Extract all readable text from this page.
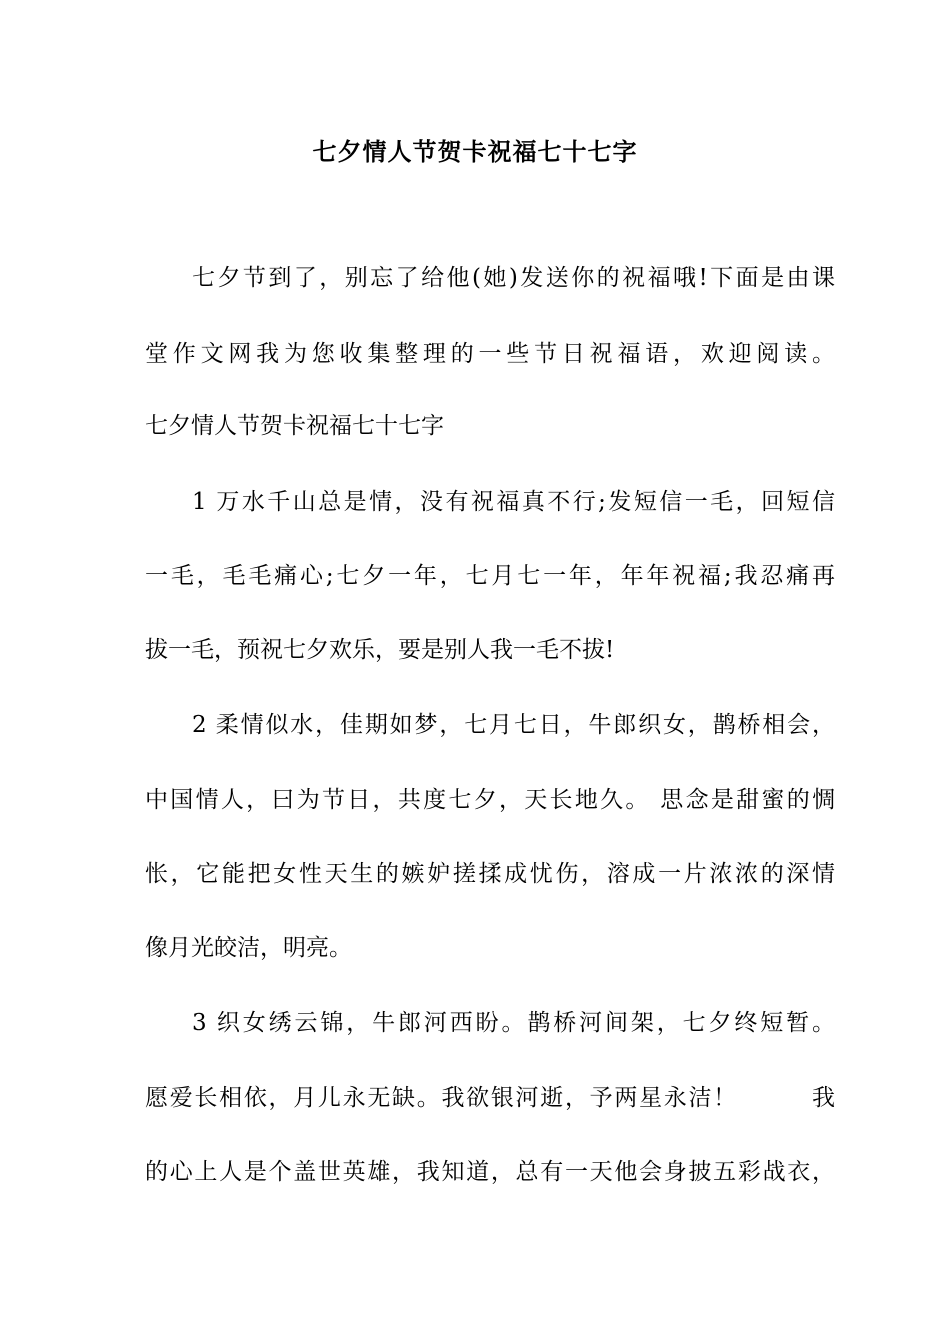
七夕情人节贺卡祝福七十七字
七夕节到了，别忘了给他(她)发送你的祝福哦!下面是由课
堂作文网我为您收集整理的一些节日祝福语，欢迎阅读。
七夕情人节贺卡祝福七十七字
1 万水千山总是情，没有祝福真不行;发短信一毛，回短信
一毛，毛毛痛心;七夕一年，七月七一年，年年祝福;我忍痛再
拔一毛，预祝七夕欢乐，要是别人我一毛不拔!
2 柔情似水，佳期如梦，七月七日，牛郎织女，鹊桥相会，
中国情人，曰为节日，共度七夕，天长地久。 思念是甜蜜的惆
怅，它能把女性天生的嫉妒搓揉成忧伤，溶成一片浓浓的深情
像月光皎洁，明亮。
3 织女绣云锦，牛郎河西盼。鹊桥河间架，七夕终短暂。
愿爱长相依，月儿永无缺。我欲银河逝，予两星永洁！　　　我
的心上人是个盖世英雄，我知道，总有一天他会身披五彩战衣，
